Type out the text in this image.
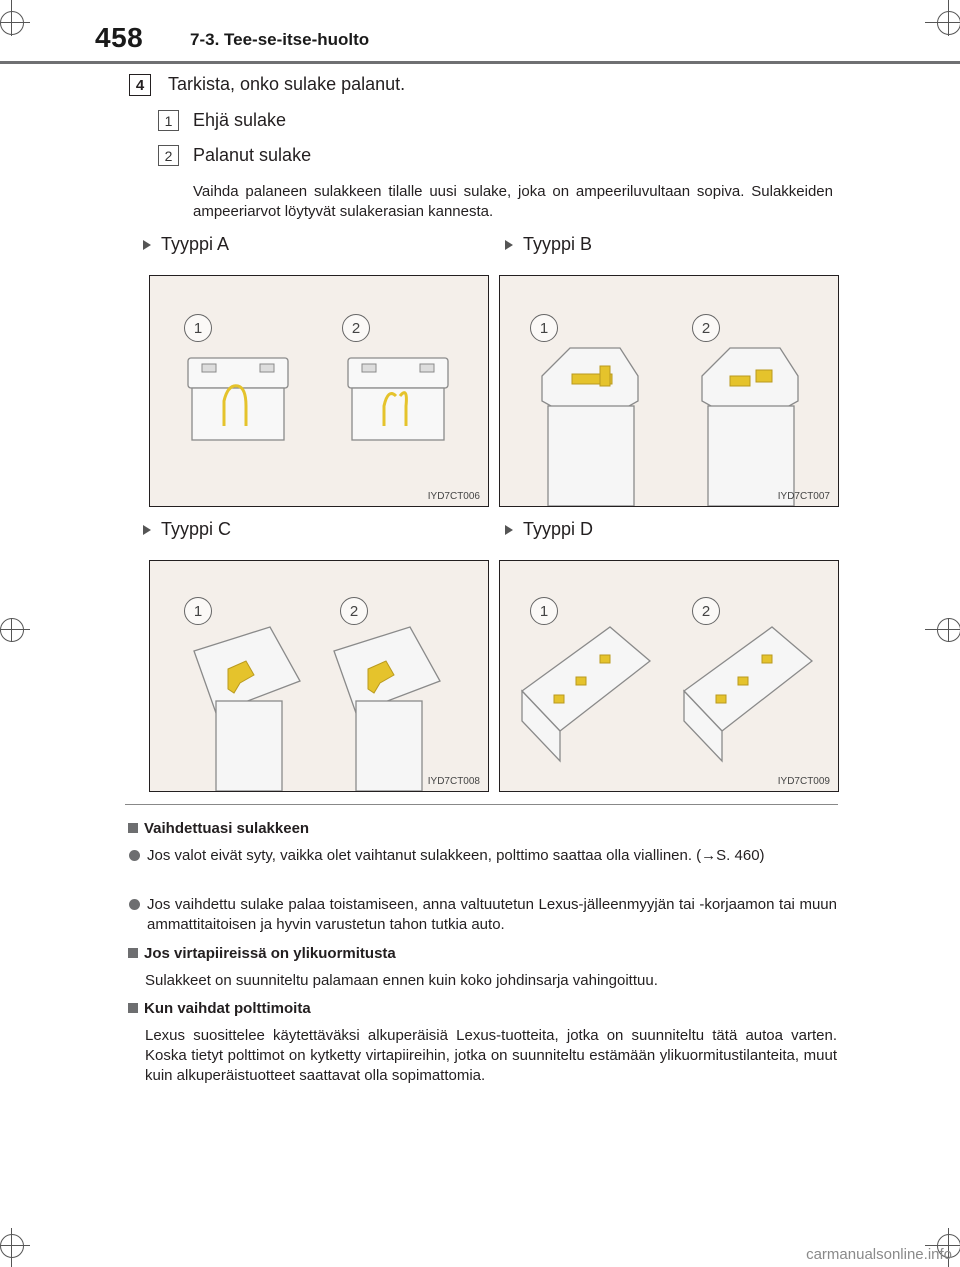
458	7-3. Tee-se-itse-huolto
4	Tarkista, onko sulake palanut.
1	Ehjä sulake
2	Palanut sulake
Vaihda palaneen sulakkeen tilalle uusi sulake, joka on ampeeriluvultaan sopiva. Sulakkeiden ampeeriarvot löytyvät sulakerasian kannesta.
Tyyppi A	Tyyppi B
Tyyppi C	Tyyppi D
1	2
IYD7CT006
1	2
IYD7CT007
1	2
IYD7CT008
1	2
IYD7CT009
Vaihdettuasi sulakkeen
Jos valot eivät syty, vaikka olet vaihtanut sulakkeen, polttimo saattaa olla viallinen. (→S. 460)
Jos vaihdettu sulake palaa toistamiseen, anna valtuutetun Lexus-jälleenmyyjän tai -korjaamon tai muun ammattitaitoisen ja hyvin varustetun tahon tutkia auto.
Jos virtapiireissä on ylikuormitusta
Sulakkeet on suunniteltu palamaan ennen kuin koko johdinsarja vahingoittuu.
Kun vaihdat polttimoita
Lexus suosittelee käytettäväksi alkuperäisiä Lexus-tuotteita, jotka on suunniteltu tätä autoa varten. Koska tietyt polttimot on kytketty virtapiireihin, jotka on suunniteltu estämään ylikuormitustilanteita, muut kuin alkuperäistuotteet saattavat olla sopimattomia.
carmanualsonline.info
